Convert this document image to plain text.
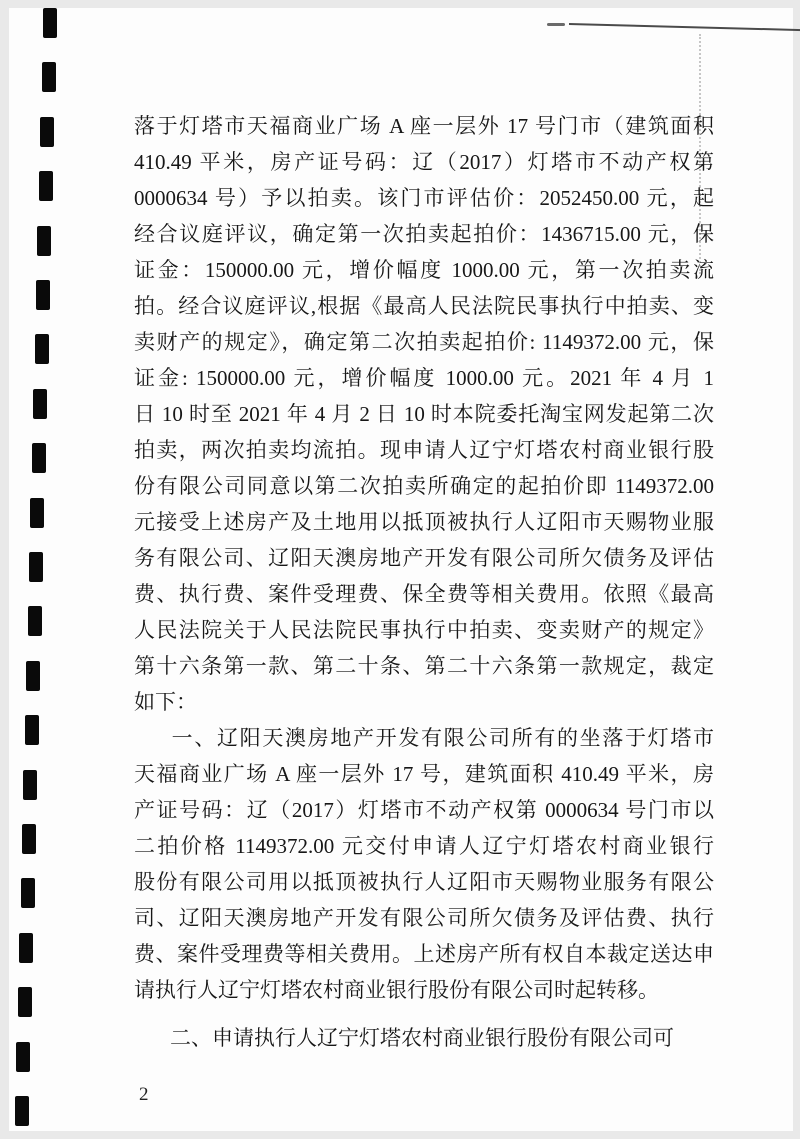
落于灯塔市天福商业广场 A 座一层外 17 号门市（建筑面积
410.49 平米，房产证号码：辽（2017）灯塔市不动产权第
0000634 号）予以拍卖。该门市评估价：2052450.00 元，起
经合议庭评议，确定第一次拍卖起拍价：1436715.00 元，保
证金：150000.00 元，增价幅度 1000.00 元，第一次拍卖流
拍。经合议庭评议,根据《最高人民法院民事执行中拍卖、变
卖财产的规定》，确定第二次拍卖起拍价: 1149372.00 元，保
证金: 150000.00 元，增价幅度 1000.00 元。2021 年 4 月 1
日 10 时至 2021 年 4 月 2 日 10 时本院委托淘宝网发起第二次
拍卖，两次拍卖均流拍。现申请人辽宁灯塔农村商业银行股
份有限公司同意以第二次拍卖所确定的起拍价即 1149372.00
元接受上述房产及土地用以抵顶被执行人辽阳市天赐物业服
务有限公司、辽阳天澳房地产开发有限公司所欠债务及评估
费、执行费、案件受理费、保全费等相关费用。依照《最高
人民法院关于人民法院民事执行中拍卖、变卖财产的规定》
第十六条第一款、第二十条、第二十六条第一款规定，裁定
如下：
一、辽阳天澳房地产开发有限公司所有的坐落于灯塔市
天福商业广场 A 座一层外 17 号，建筑面积 410.49 平米，房
产证号码：辽（2017）灯塔市不动产权第 0000634 号门市以
二拍价格 1149372.00 元交付申请人辽宁灯塔农村商业银行
股份有限公司用以抵顶被执行人辽阳市天赐物业服务有限公
司、辽阳天澳房地产开发有限公司所欠债务及评估费、执行
费、案件受理费等相关费用。上述房产所有权自本裁定送达申
请执行人辽宁灯塔农村商业银行股份有限公司时起转移。
二、申请执行人辽宁灯塔农村商业银行股份有限公司可
2
